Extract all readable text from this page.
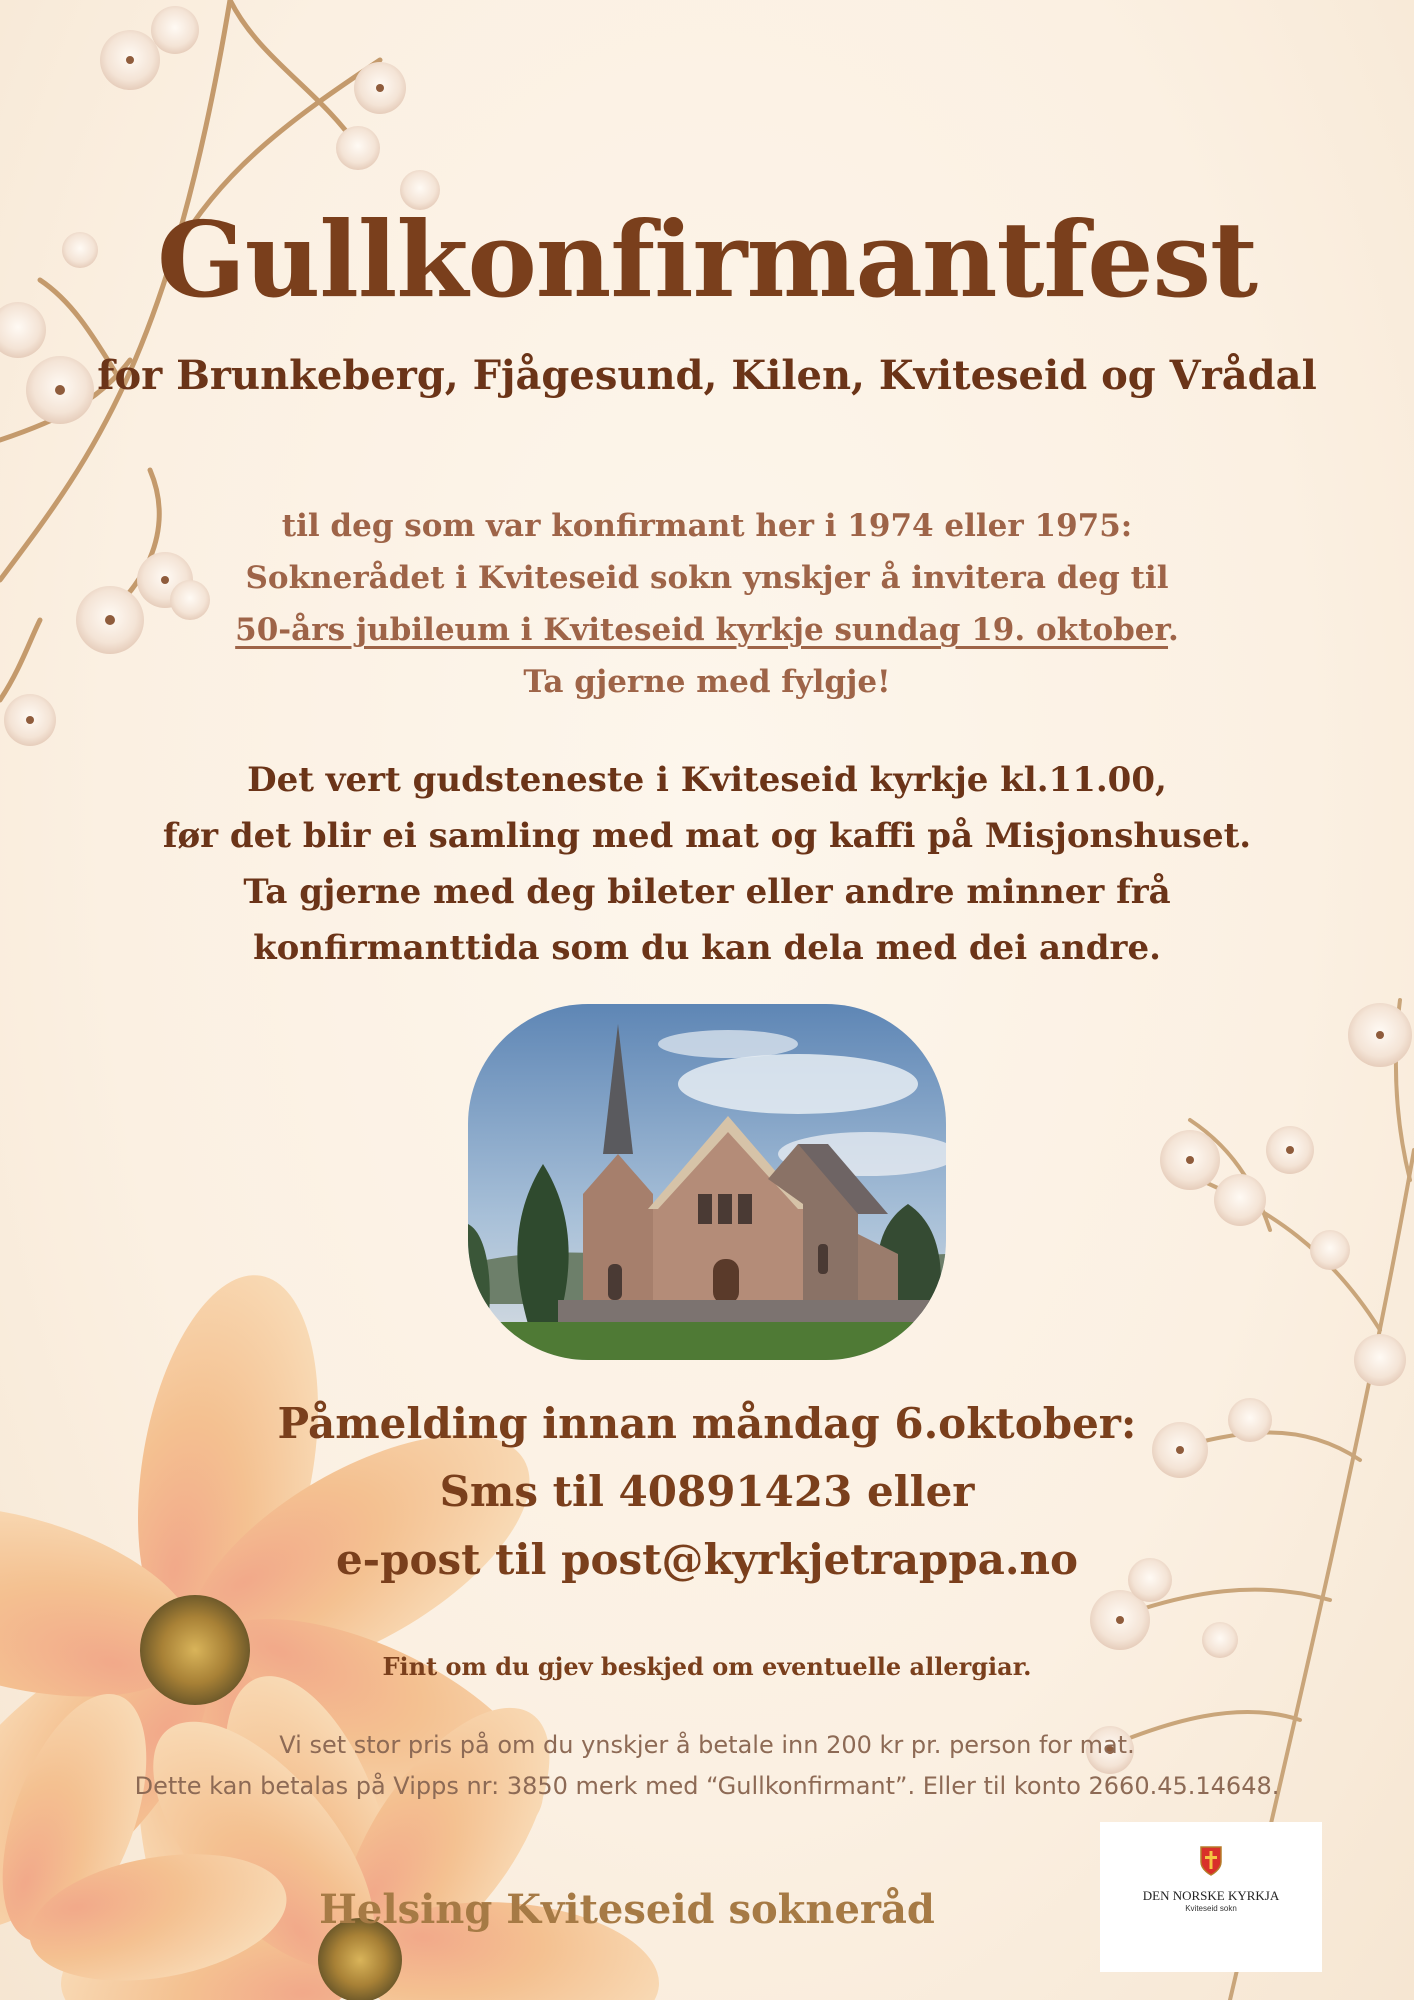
Gullkonfirmantfest
for Brunkeberg, Fjågesund, Kilen, Kviteseid og Vrådal
til deg som var konfirmant her i 1974 eller 1975:
Soknerådet i Kviteseid sokn ynskjer å invitera deg til
50-års jubileum i Kviteseid kyrkje sundag 19. oktober.
Ta gjerne med fylgje!
Det vert gudsteneste i Kviteseid kyrkje kl.11.00,
før det blir ei samling med mat og kaffi på Misjonshuset.
Ta gjerne med deg bileter eller andre minner frå
konfirmanttida som du kan dela med dei andre.
Påmelding innan måndag 6.oktober:
Sms til 40891423 eller
e-post til post@kyrkjetrappa.no
Fint om du gjev beskjed om eventuelle allergiar.
Vi set stor pris på om du ynskjer å betale inn 200 kr pr. person for mat.
Dette kan betalas på Vipps nr: 3850 merk med “Gullkonfirmant”. Eller til konto 2660.45.14648.
Helsing Kviteseid sokneråd	DEN NORSKE KYRKJA
Kviteseid sokn
